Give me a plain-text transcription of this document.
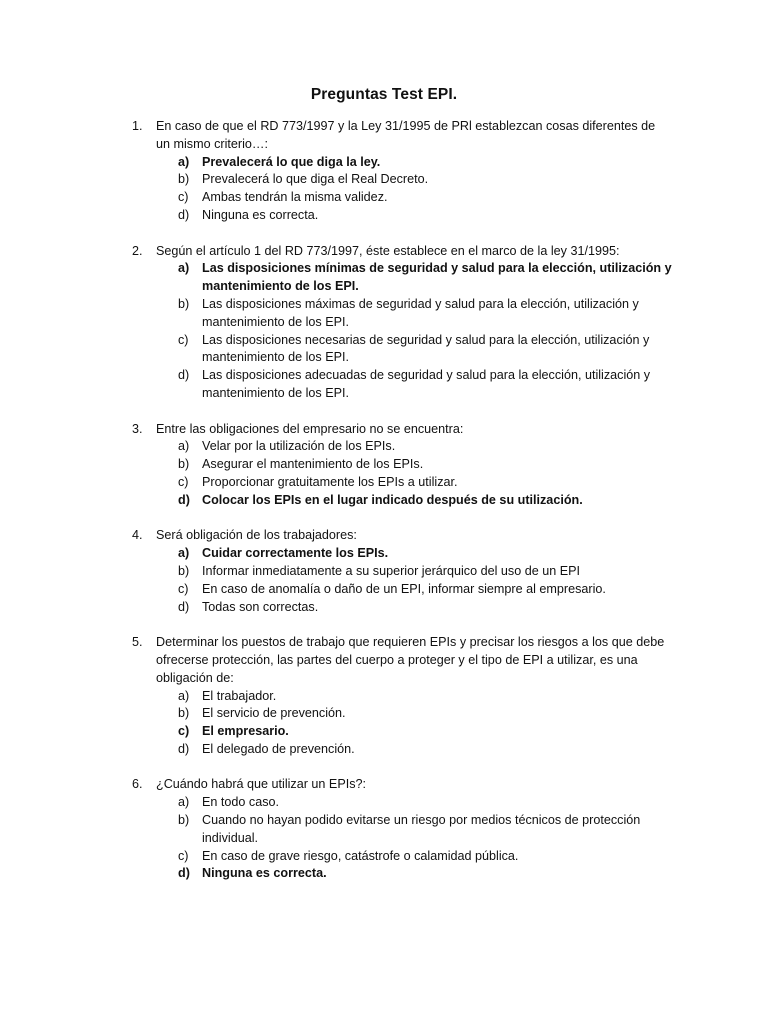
Preguntas Test EPI.
1. En caso de que el RD 773/1997 y la Ley 31/1995 de PRl establezcan cosas diferentes de un mismo criterio…:
a) Prevalecerá lo que diga la ley.
b) Prevalecerá lo que diga el Real Decreto.
c) Ambas tendrán la misma validez.
d) Ninguna es correcta.
2. Según el artículo 1 del RD 773/1997, éste establece en el marco de la ley 31/1995:
a) Las disposiciones mínimas de seguridad y salud para la elección, utilización y mantenimiento de los EPI.
b) Las disposiciones máximas de seguridad y salud para la elección, utilización y mantenimiento de los EPI.
c) Las disposiciones necesarias de seguridad y salud para la elección, utilización y mantenimiento de los EPI.
d) Las disposiciones adecuadas de seguridad y salud para la elección, utilización y mantenimiento de los EPI.
3. Entre las obligaciones del empresario no se encuentra:
a) Velar por la utilización de los EPIs.
b) Asegurar el mantenimiento de los EPIs.
c) Proporcionar gratuitamente los EPIs a utilizar.
d) Colocar los EPIs en el lugar indicado después de su utilización.
4. Será obligación de los trabajadores:
a) Cuidar correctamente los EPIs.
b) Informar inmediatamente a su superior jerárquico del uso de un EPI
c) En caso de anomalía o daño de un EPI, informar siempre al empresario.
d) Todas son correctas.
5. Determinar los puestos de trabajo que requieren EPIs y precisar los riesgos a los que debe ofrecerse protección, las partes del cuerpo a proteger y el tipo de EPI a utilizar, es una obligación de:
a) El trabajador.
b) El servicio de prevención.
c) El empresario.
d) El delegado de prevención.
6. ¿Cuándo habrá que utilizar un EPIs?:
a) En todo caso.
b) Cuando no hayan podido evitarse un riesgo por medios técnicos de protección individual.
c) En caso de grave riesgo, catástrofe o calamidad pública.
d) Ninguna es correcta.
